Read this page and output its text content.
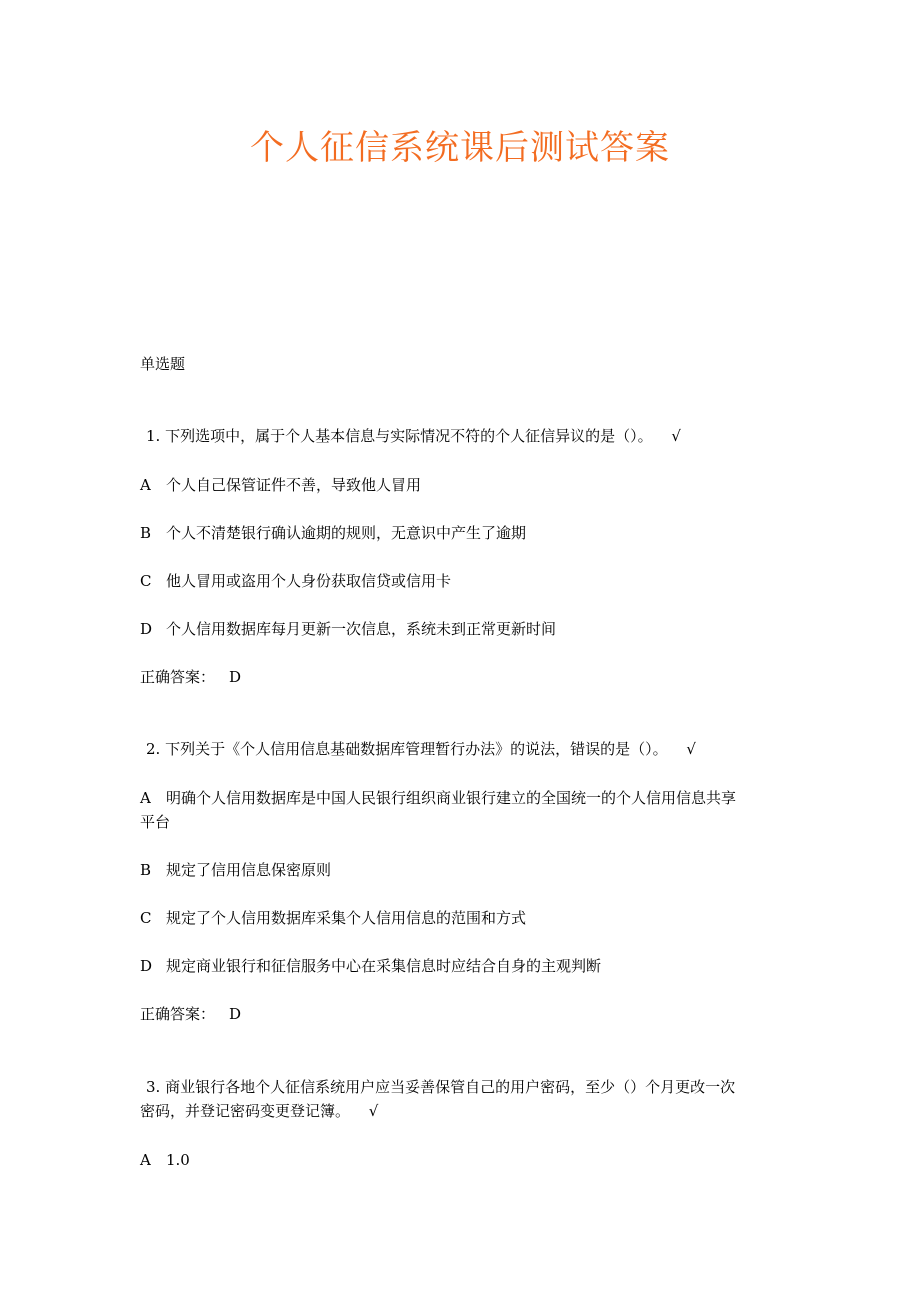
个人征信系统课后测试答案
单选题
1. 下列选项中，属于个人基本信息与实际情况不符的个人征信异议的是（）。 √
A 个人自己保管证件不善，导致他人冒用
B 个人不清楚银行确认逾期的规则，无意识中产生了逾期
C 他人冒用或盗用个人身份获取信贷或信用卡
D 个人信用数据库每月更新一次信息，系统未到正常更新时间
正确答案： D
2. 下列关于《个人信用信息基础数据库管理暂行办法》的说法，错误的是（）。 √
A 明确个人信用数据库是中国人民银行组织商业银行建立的全国统一的个人信用信息共享
平台
B 规定了信用信息保密原则
C 规定了个人信用数据库采集个人信用信息的范围和方式
D 规定商业银行和征信服务中心在采集信息时应结合自身的主观判断
正确答案： D
3. 商业银行各地个人征信系统用户应当妥善保管自己的用户密码，至少（）个月更改一次
密码，并登记密码变更登记簿。 √
A 1.0
